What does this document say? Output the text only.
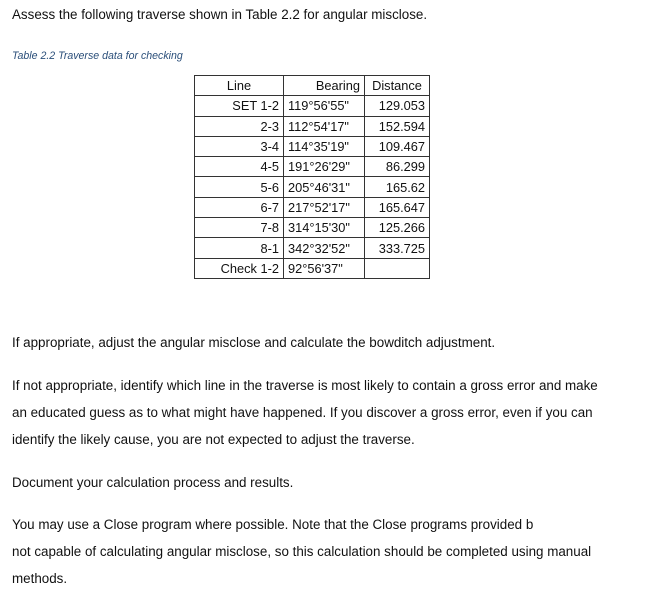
Assess the following traverse shown in Table 2.2 for angular misclose.

Table 2.2 Traverse data for checking

Line	Bearing	Distance
SET 1-2	119°56'55"	129.053
2-3	112°54'17"	152.594
3-4	114°35'19"	109.467
4-5	191°26'29"	86.299
5-6	205°46'31"	165.62
6-7	217°52'17"	165.647
7-8	314°15'30"	125.266
8-1	342°32'52"	333.725
Check 1-2	92°56'37"	

If appropriate, adjust the angular misclose and calculate the bowditch adjustment.

If not appropriate, identify which line in the traverse is most likely to contain a gross error and make

an educated guess as to what might have happened. If you discover a gross error, even if you can

identify the likely cause, you are not expected to adjust the traverse.

Document your calculation process and results.

You may use a Close program where possible. Note that the Close programs provided b

not capable of calculating angular misclose, so this calculation should be completed using manual

methods.
